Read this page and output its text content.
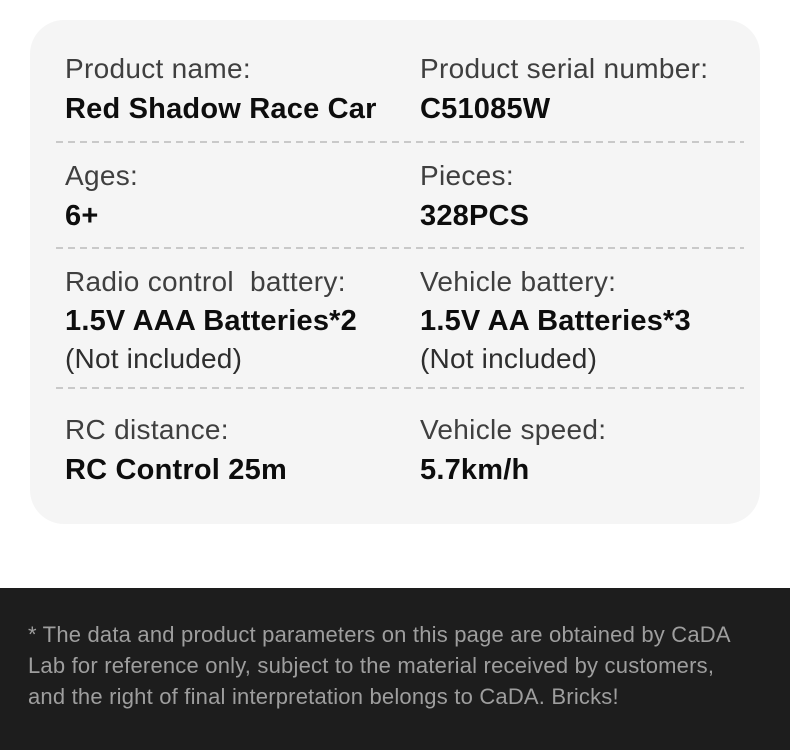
Product name:
Red Shadow Race Car
Product serial number:
C51085W
Ages:
6+
Pieces:
328PCS
Radio control  battery:
1.5V AAA Batteries*2
(Not included)
Vehicle battery:
1.5V AA Batteries*3
(Not included)
RC distance:
RC Control 25m
Vehicle speed:
5.7km/h
* The data and product parameters on this page are obtained by CaDA
Lab for reference only, subject to the material received by customers,
and the right of final interpretation belongs to CaDA. Bricks!
